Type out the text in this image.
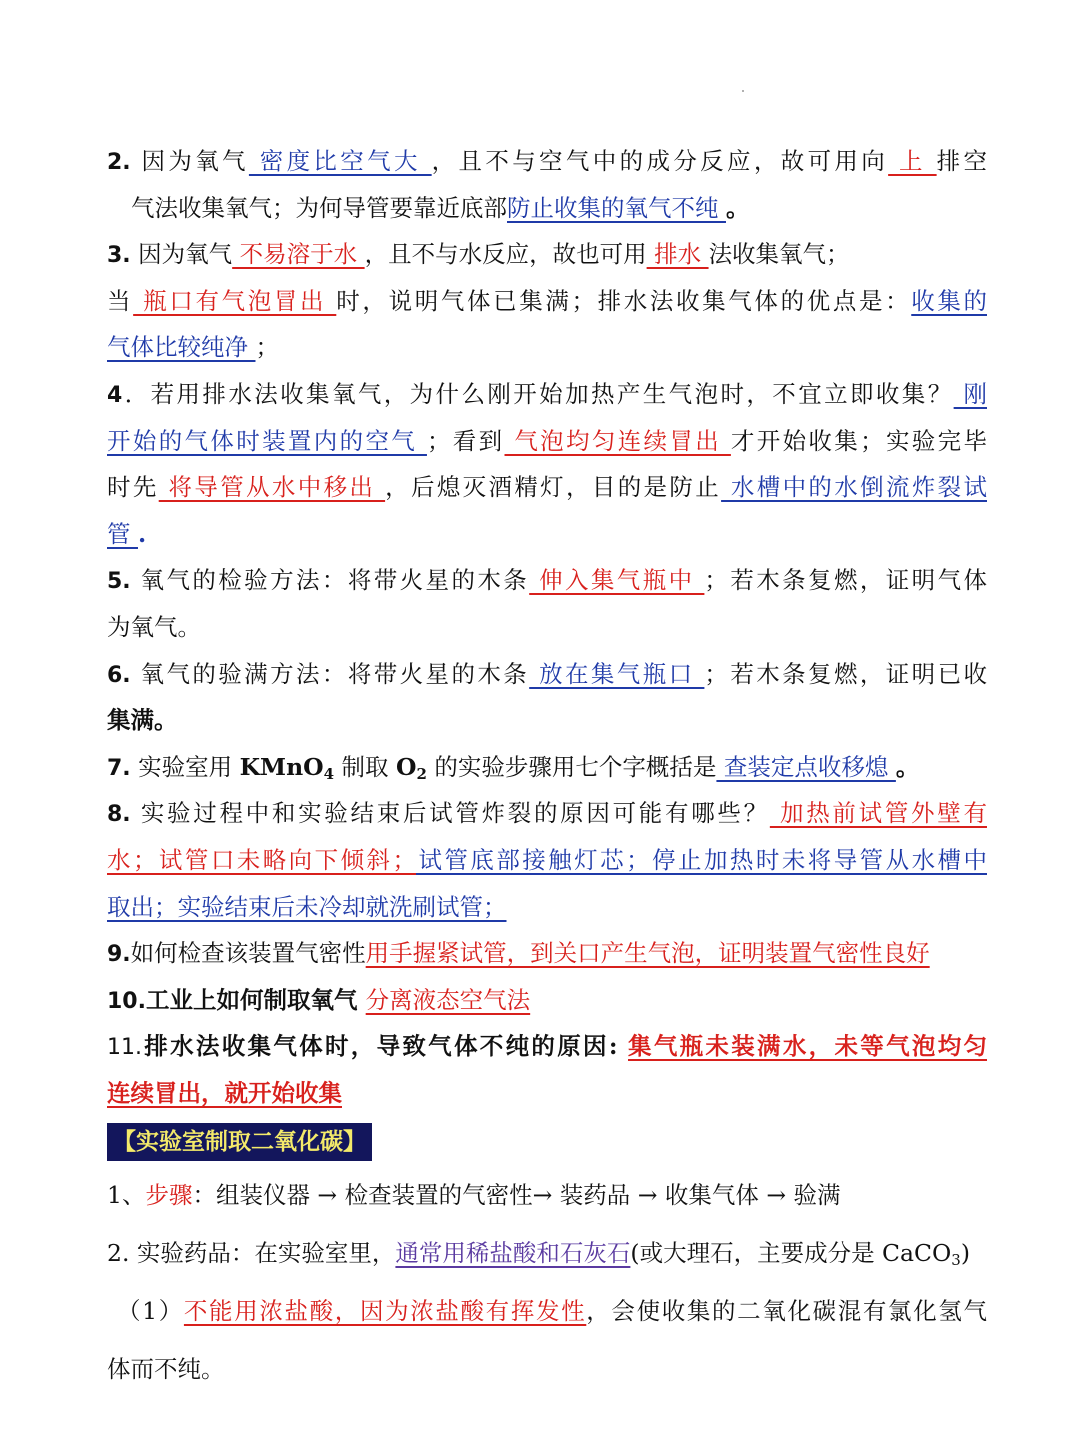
2. 因为氧气 密度比空气大 ，且不与空气中的成分反应，故可用向 上 排空
气法收集氧气；为何导管要靠近底部防止收集的氧气不纯 。
3. 因为氧气 不易溶于水 ，且不与水反应，故也可用 排水 法收集氧气；
当 瓶口有气泡冒出 时，说明气体已集满；排水法收集气体的优点是：收集的
气体比较纯净 ；
4．若用排水法收集氧气，为什么刚开始加热产生气泡时，不宜立即收集？ 刚
开始的气体时装置内的空气 ；看到 气泡均匀连续冒出 才开始收集；实验完毕
时先 将导管从水中移出 ，后熄灭酒精灯，目的是防止 水槽中的水倒流炸裂试
管 .
5. 氧气的检验方法：将带火星的木条 伸入集气瓶中 ；若木条复燃，证明气体
为氧气。
6. 氧气的验满方法：将带火星的木条 放在集气瓶口 ；若木条复燃，证明已收
集满。
7. 实验室用 KMnO$_4$ 制取 $O_2$ 的实验步骤用七个字概括是 查装定点收移熄 。
8. 实验过程中和实验结束后试管炸裂的原因可能有哪些？ 加热前试管外壁有
水；试管口未略向下倾斜；试管底部接触灯芯；停止加热时未将导管从水槽中
取出；实验结束后未冷却就洗刷试管；
9.如何检查该装置气密性用手握紧试管，到关口产生气泡，证明装置气密性良好
10.工业上如何制取氧气 分离液态空气法
11.排水法收集气体时，导致气体不纯的原因: 集气瓶未装满水，未等气泡均匀
连续冒出，就开始收集
【实验室制取二氧化碳】
1、步骤：组装仪器 → 检查装置的气密性→ 装药品 → 收集气体 → 验满
2. 实验药品：在实验室里，通常用稀盐酸和石灰石(或大理石，主要成分是 CaCO$_3$)
（1）不能用浓盐酸，因为浓盐酸有挥发性，会使收集的二氧化碳混有氯化氢气
体而不纯。
